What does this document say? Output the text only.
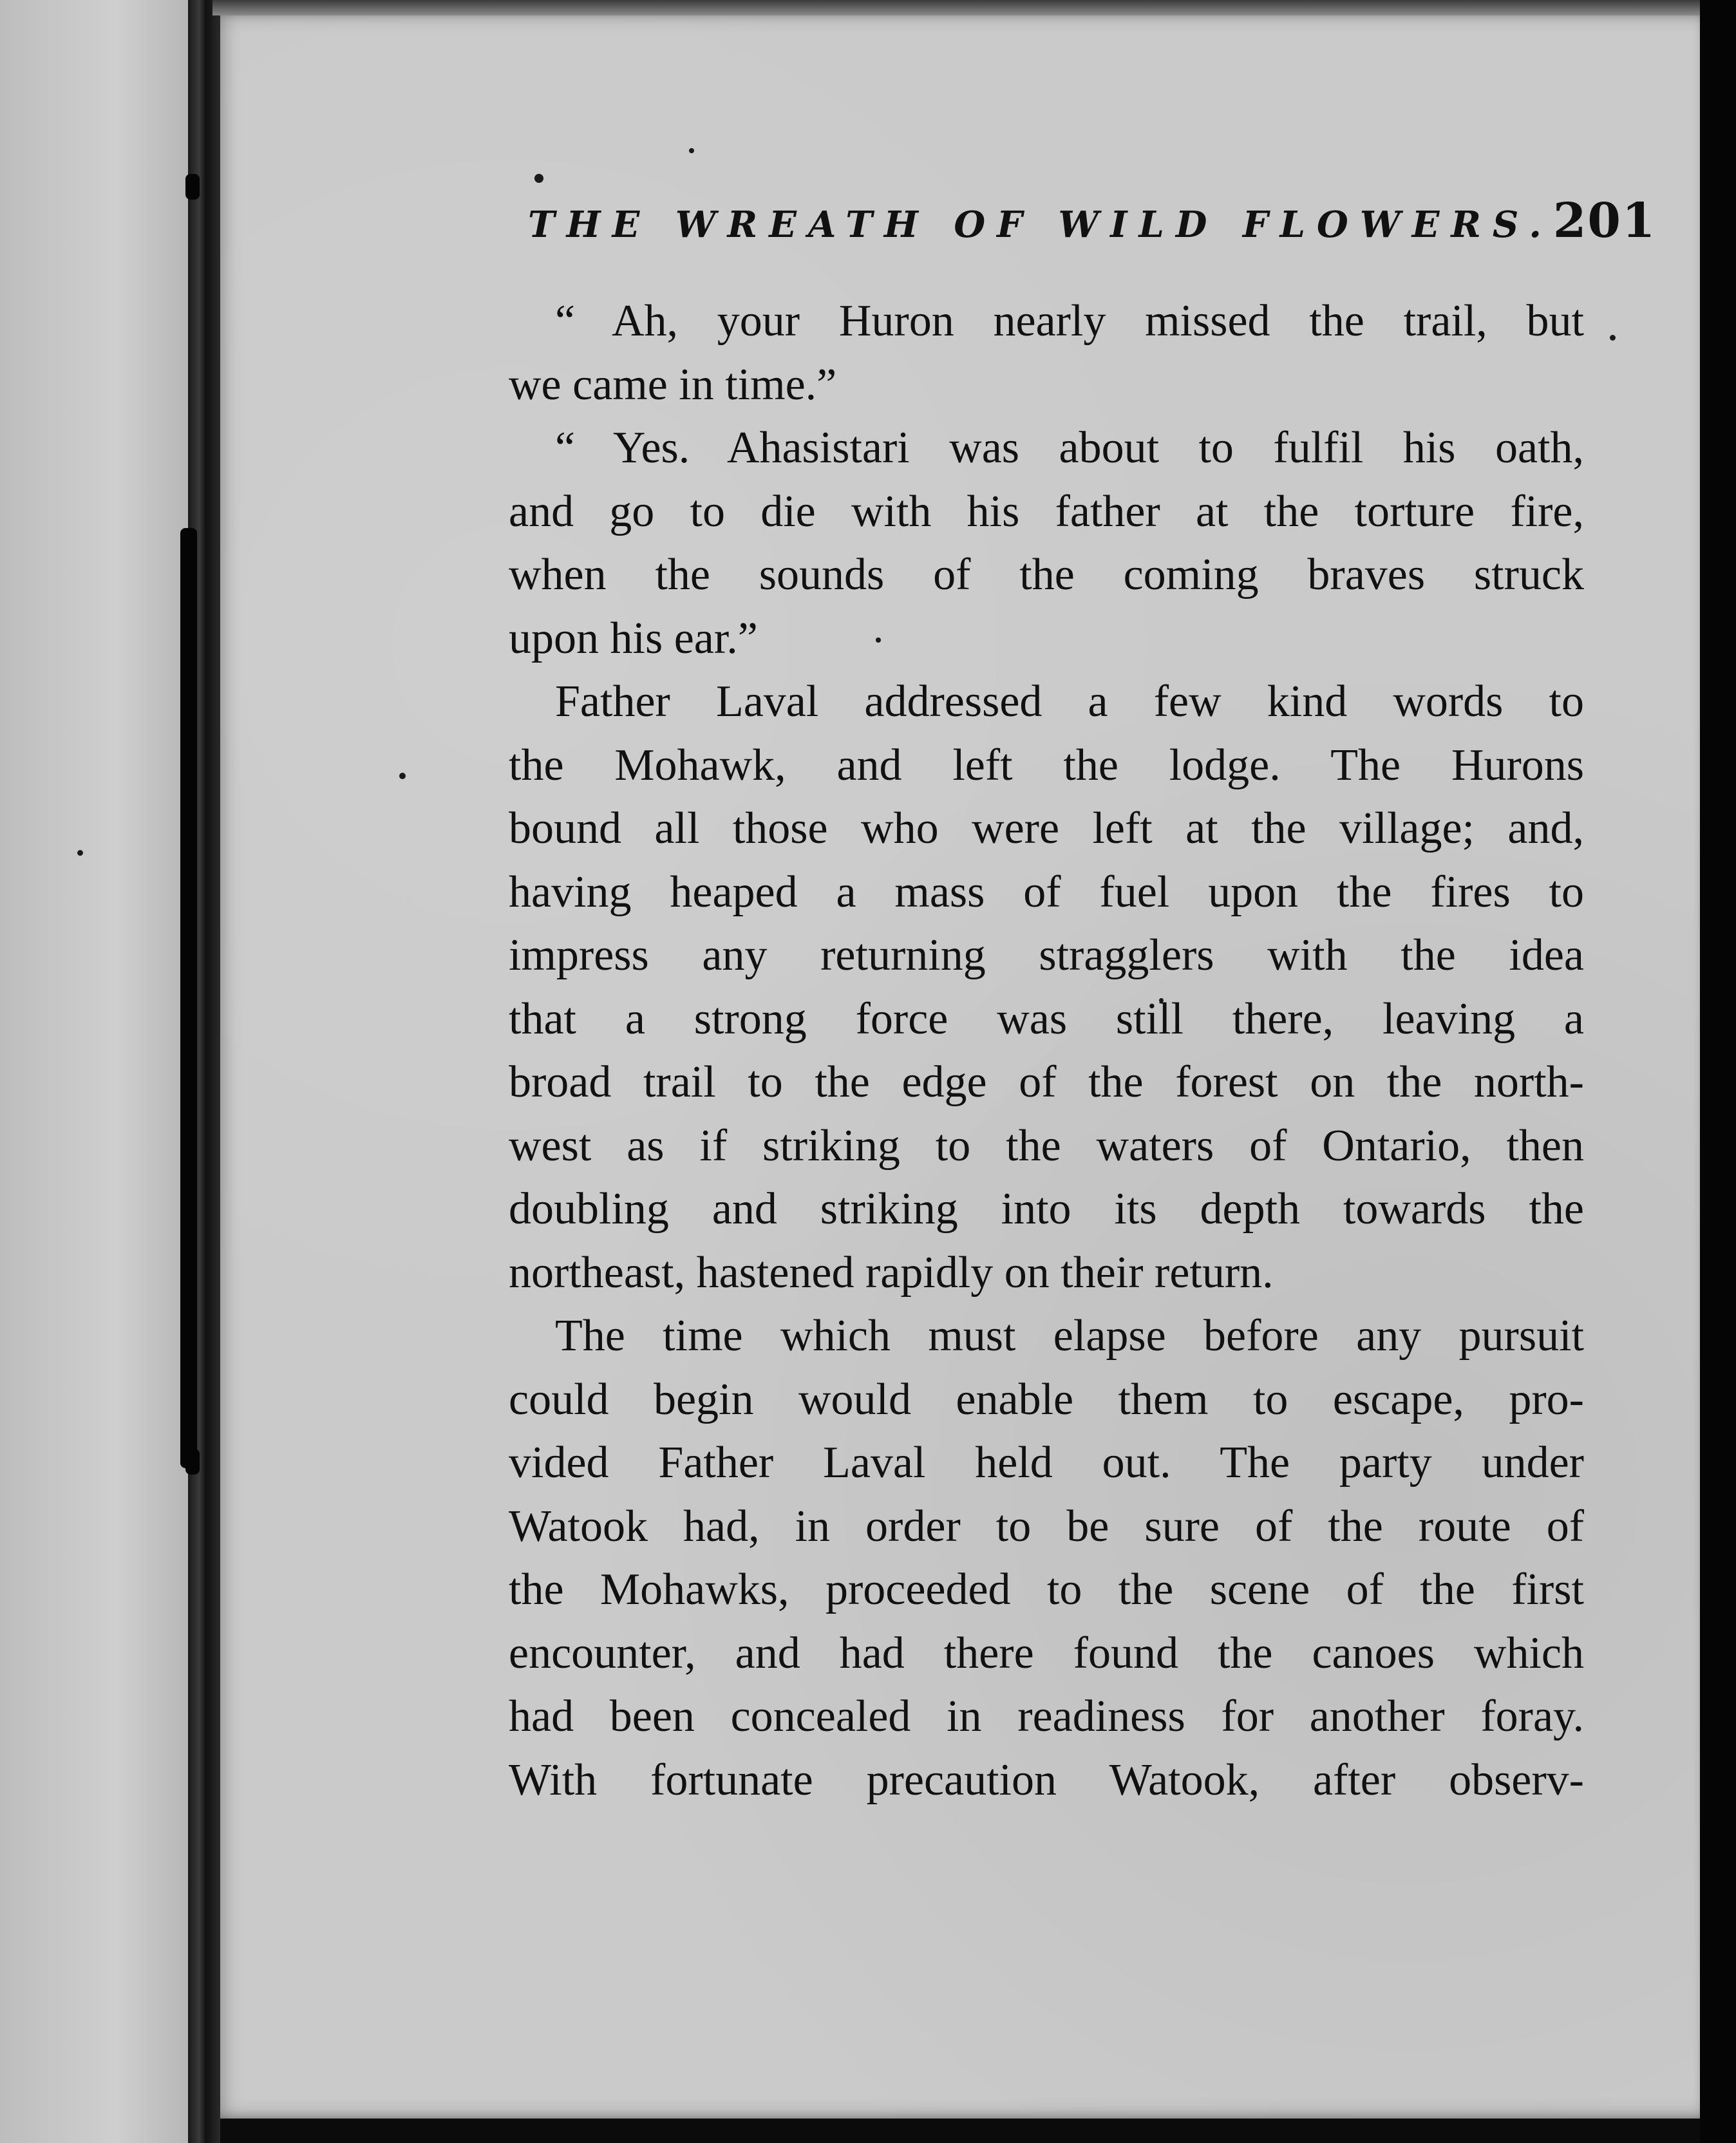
THE WREATH OF WILD FLOWERS. 201
“ Ah, your Huron nearly missed the trail, but
we came in time.”
“ Yes. Ahasistari was about to fulfil his oath,
and go to die with his father at the torture fire,
when the sounds of the coming braves struck
upon his ear.”
Father Laval addressed a few kind words to
the Mohawk, and left the lodge. The Hurons
bound all those who were left at the village; and,
having heaped a mass of fuel upon the fires to
impress any returning stragglers with the idea
that a strong force was still there, leaving a
broad trail to the edge of the forest on the north-
west as if striking to the waters of Ontario, then
doubling and striking into its depth towards the
northeast, hastened rapidly on their return.
The time which must elapse before any pursuit
could begin would enable them to escape, pro-
vided Father Laval held out. The party under
Watook had, in order to be sure of the route of
the Mohawks, proceeded to the scene of the first
encounter, and had there found the canoes which
had been concealed in readiness for another foray.
With fortunate precaution Watook, after observ-
